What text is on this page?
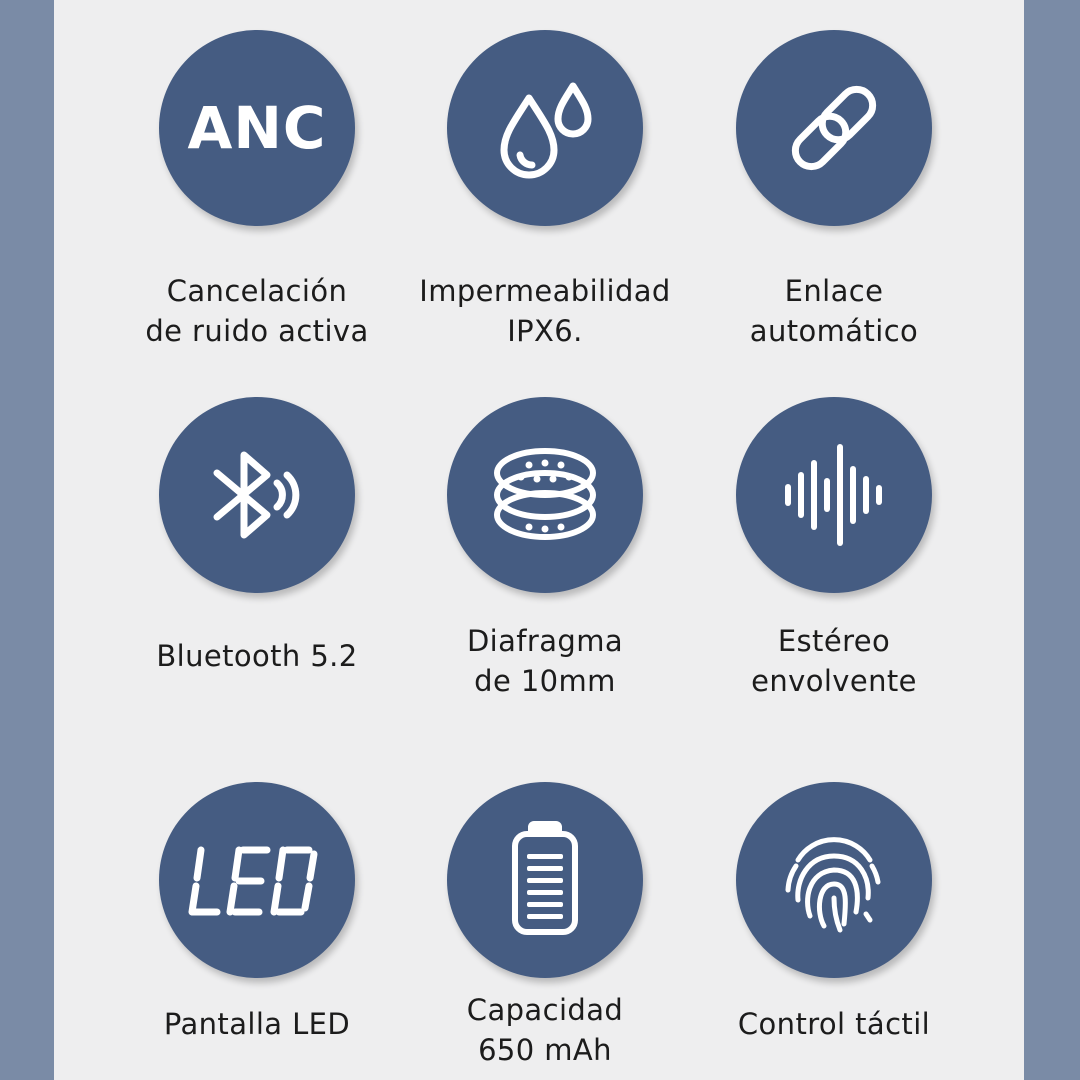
ANC
Cancelación
de ruido activa
Impermeabilidad
IPX6.
Enlace
automático
Bluetooth 5.2	Diafragma
de 10mm
Estéreo
envolvente
Pantalla LED	Capacidad
650 mAh
Control táctil
